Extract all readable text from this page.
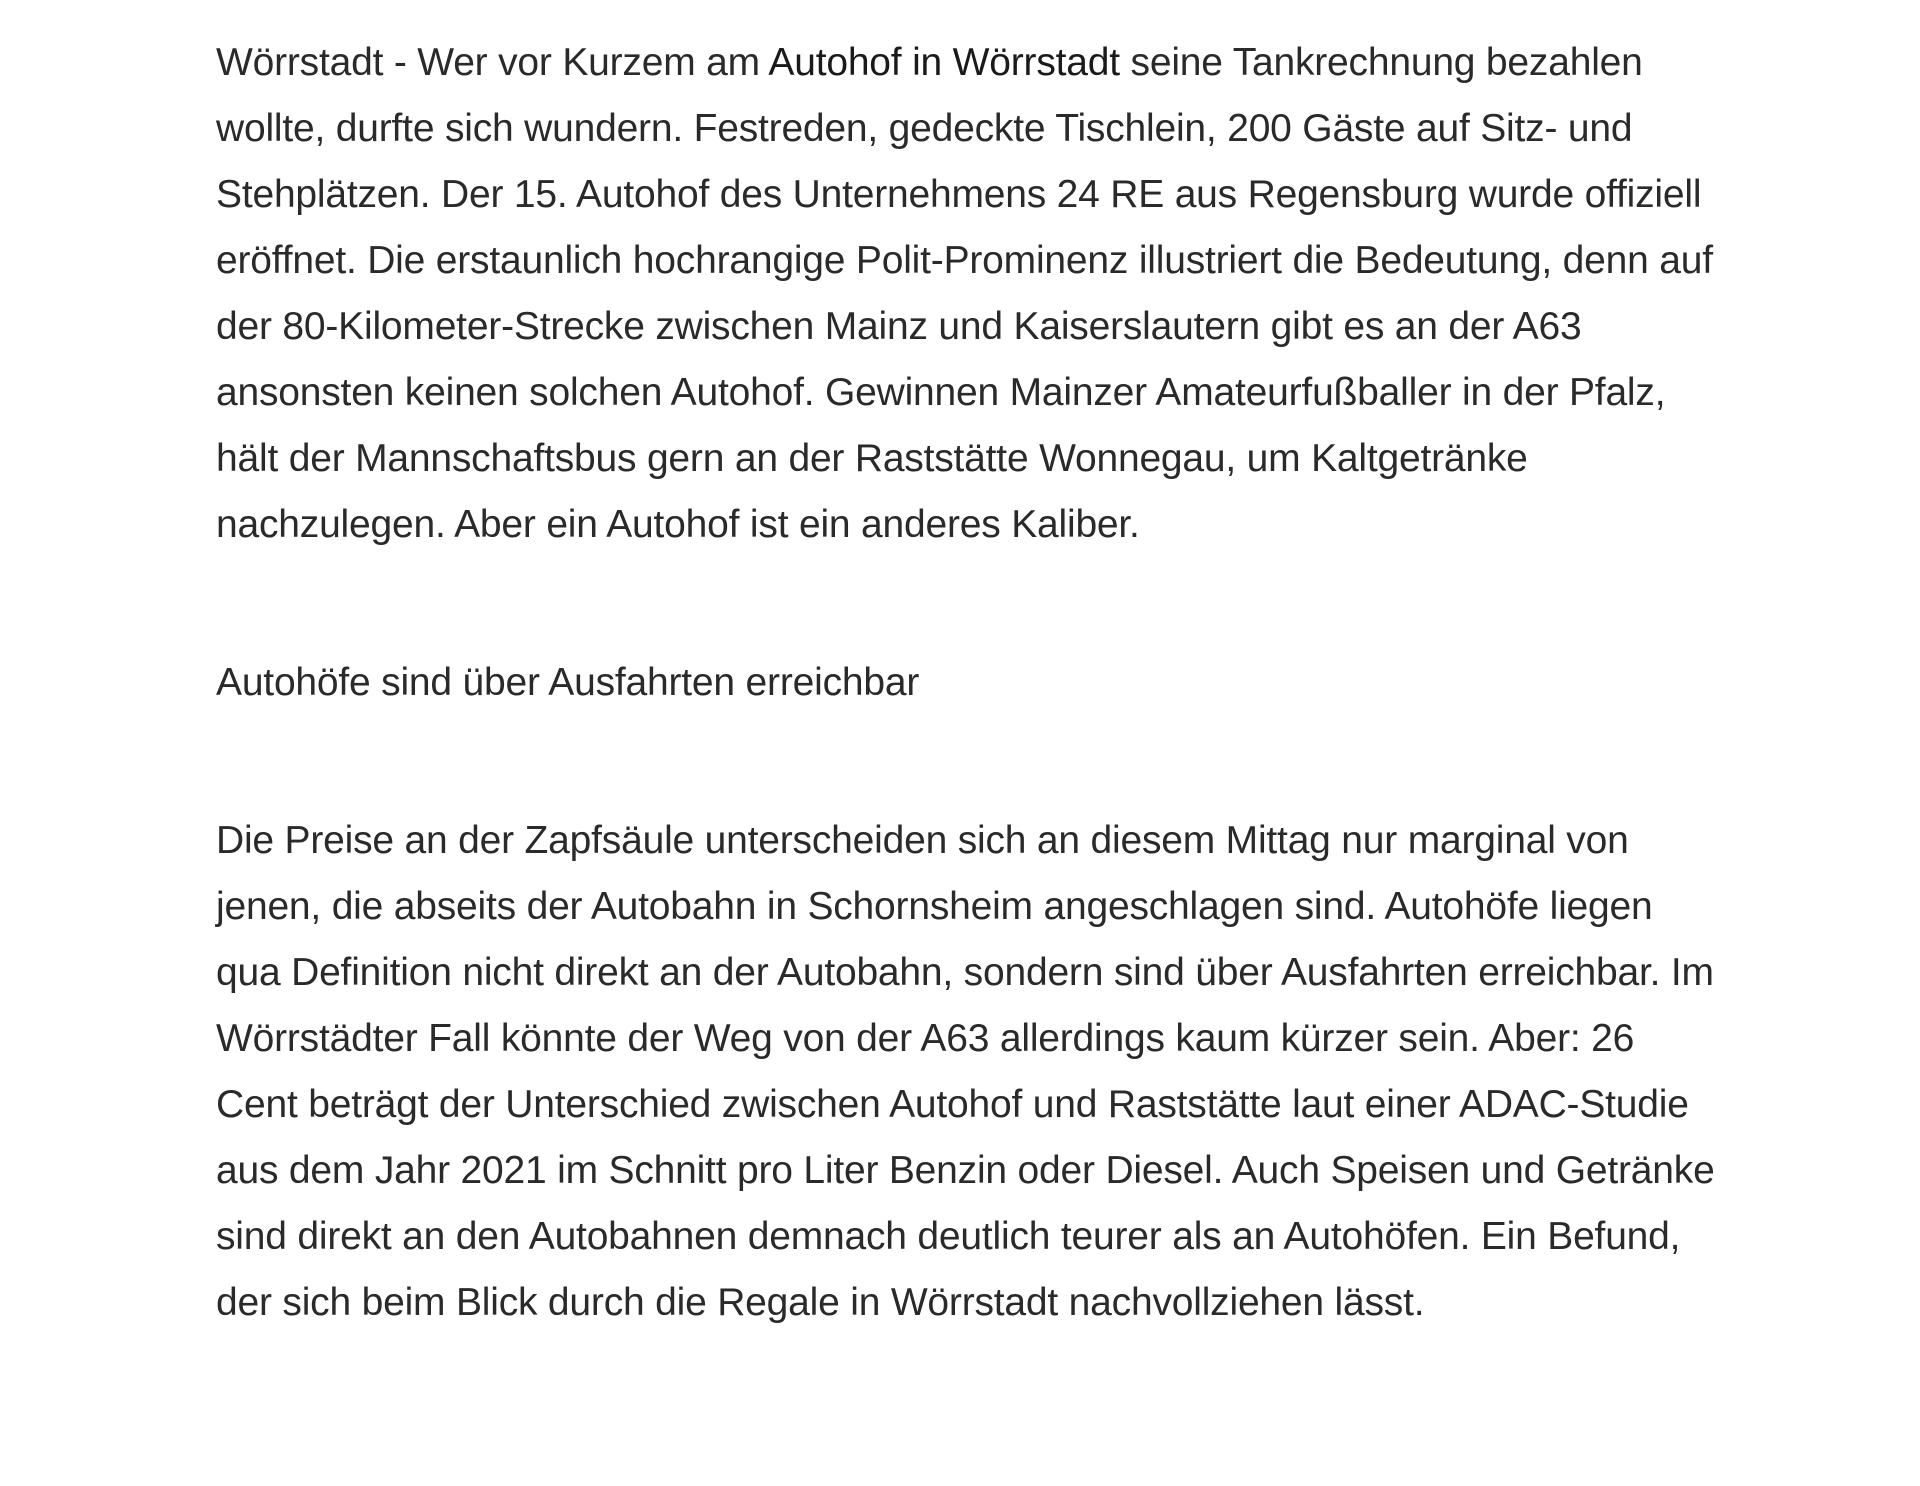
Wörrstadt - Wer vor Kurzem am Autohof in Wörrstadt seine Tankrechnung bezahlen wollte, durfte sich wundern. Festreden, gedeckte Tischlein, 200 Gäste auf Sitz- und Stehplätzen. Der 15. Autohof des Unternehmens 24 RE aus Regensburg wurde offiziell eröffnet. Die erstaunlich hochrangige Polit-Prominenz illustriert die Bedeutung, denn auf der 80-Kilometer-Strecke zwischen Mainz und Kaiserslautern gibt es an der A63 ansonsten keinen solchen Autohof. Gewinnen Mainzer Amateurfußballer in der Pfalz, hält der Mannschaftsbus gern an der Raststätte Wonnegau, um Kaltgetränke nachzulegen. Aber ein Autohof ist ein anderes Kaliber.

Autohöfe sind über Ausfahrten erreichbar

Die Preise an der Zapfsäule unterscheiden sich an diesem Mittag nur marginal von jenen, die abseits der Autobahn in Schornsheim angeschlagen sind. Autohöfe liegen qua Definition nicht direkt an der Autobahn, sondern sind über Ausfahrten erreichbar. Im Wörrstädter Fall könnte der Weg von der A63 allerdings kaum kürzer sein. Aber: 26 Cent beträgt der Unterschied zwischen Autohof und Raststätte laut einer ADAC-Studie aus dem Jahr 2021 im Schnitt pro Liter Benzin oder Diesel. Auch Speisen und Getränke sind direkt an den Autobahnen demnach deutlich teurer als an Autohöfen. Ein Befund, der sich beim Blick durch die Regale in Wörrstadt nachvollziehen lässt.
